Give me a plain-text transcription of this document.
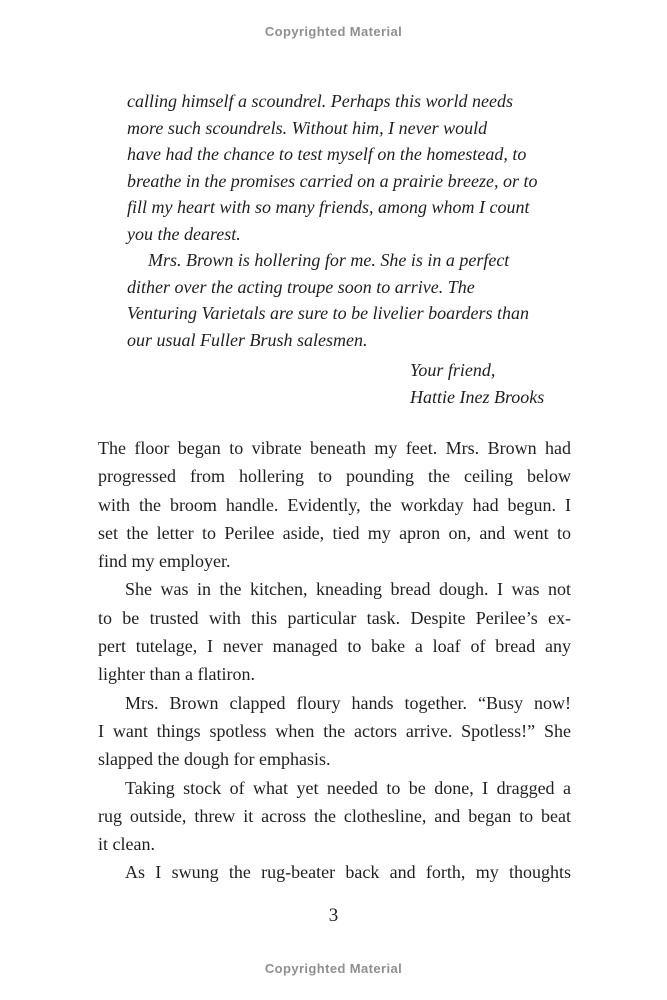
Copyrighted Material
calling himself a scoundrel. Perhaps this world needs
more such scoundrels. Without him, I never would
have had the chance to test myself on the homestead, to
breathe in the promises carried on a prairie breeze, or to
fill my heart with so many friends, among whom I count
you the dearest.
Mrs. Brown is hollering for me. She is in a perfect
dither over the acting troupe soon to arrive. The
Venturing Varietals are sure to be livelier boarders than
our usual Fuller Brush salesmen.
Your friend,
Hattie Inez Brooks
The floor began to vibrate beneath my feet. Mrs. Brown had
progressed from hollering to pounding the ceiling below
with the broom handle. Evidently, the workday had begun. I
set the letter to Perilee aside, tied my apron on, and went to
find my employer.
She was in the kitchen, kneading bread dough. I was not
to be trusted with this particular task. Despite Perilee’s ex-
pert tutelage, I never managed to bake a loaf of bread any
lighter than a flatiron.
Mrs. Brown clapped floury hands together. “Busy now!
I want things spotless when the actors arrive. Spotless!” She
slapped the dough for emphasis.
Taking stock of what yet needed to be done, I dragged a
rug outside, threw it across the clothesline, and began to beat
it clean.
As I swung the rug-beater back and forth, my thoughts
3
Copyrighted Material
